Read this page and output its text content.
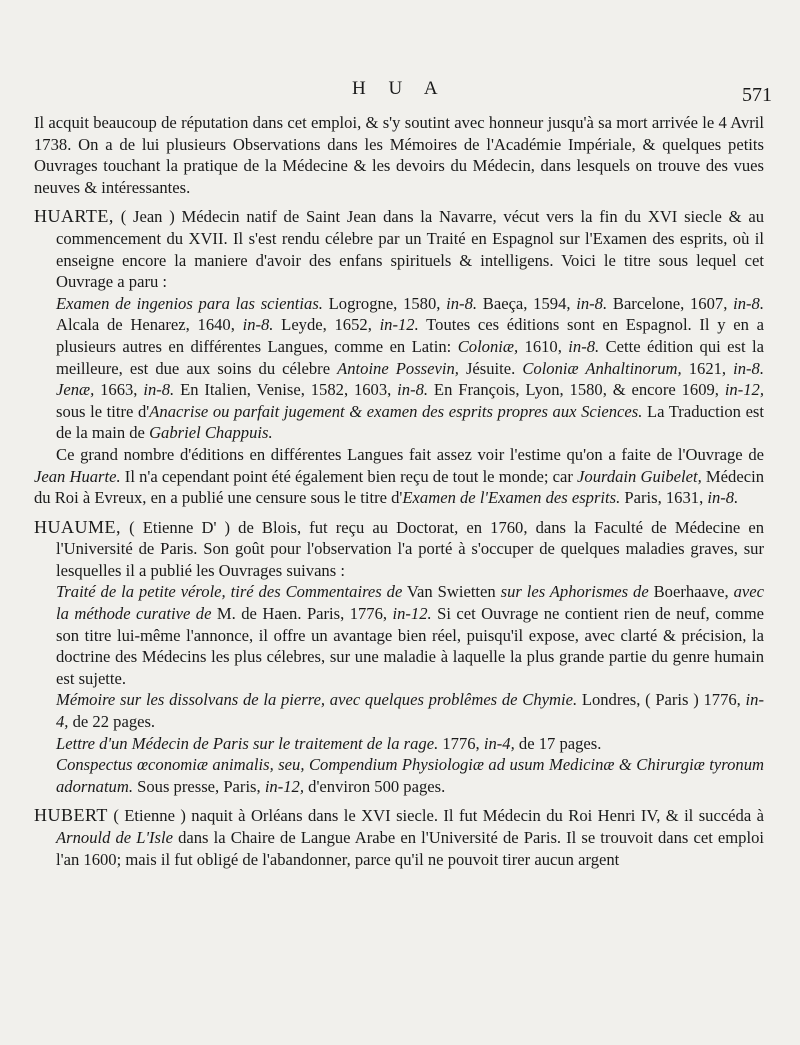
H U A	571

Il acquit beaucoup de réputation dans cet emploi, & s'y soutint avec honneur jusqu'à sa mort arrivée le 4 Avril 1738. On a de lui plusieurs Observations dans les Mémoires de l'Académie Impériale, & quelques petits Ouvrages touchant la pratique de la Médecine & les devoirs du Médecin, dans lesquels on trouve des vues neuves & intéressantes.

HUARTE, ( Jean ) Médecin natif de Saint Jean dans la Navarre, vécut vers la fin du XVI siecle & au commencement du XVII. Il s'est rendu célebre par un Traité en Espagnol sur l'Examen des esprits, où il enseigne encore la maniere d'avoir des enfans spirituels & intelligens. Voici le titre sous lequel cet Ouvrage a paru :

Examen de ingenios para las scientias. Logrogne, 1580, in-8. Baeça, 1594, in-8. Barcelone, 1607, in-8. Alcala de Henarez, 1640, in-8. Leyde, 1652, in-12. Toutes ces éditions sont en Espagnol. Il y en a plusieurs autres en différentes Langues, comme en Latin: Coloniæ, 1610, in-8. Cette édition qui est la meilleure, est due aux soins du célebre Antoine Possevin, Jésuite. Coloniæ Anhaltinorum, 1621, in-8. Jenæ, 1663, in-8. En Italien, Venise, 1582, 1603, in-8. En François, Lyon, 1580, & encore 1609, in-12, sous le titre d'Anacrise ou parfait jugement & examen des esprits propres aux Sciences. La Traduction est de la main de Gabriel Chappuis.

Ce grand nombre d'éditions en différentes Langues fait assez voir l'estime qu'on a faite de l'Ouvrage de Jean Huarte. Il n'a cependant point été également bien reçu de tout le monde; car Jourdain Guibelet, Médecin du Roi à Evreux, en a publié une censure sous le titre d'Examen de l'Examen des esprits. Paris, 1631, in-8.

HUAUME, ( Etienne D' ) de Blois, fut reçu au Doctorat, en 1760, dans la Faculté de Médecine en l'Université de Paris. Son goût pour l'observation l'a porté à s'occuper de quelques maladies graves, sur lesquelles il a publié les Ouvrages suivans :

Traité de la petite vérole, tiré des Commentaires de Van Swietten sur les Aphorismes de Boerhaave, avec la méthode curative de M. de Haen. Paris, 1776, in-12. Si cet Ouvrage ne contient rien de neuf, comme son titre lui-même l'annonce, il offre un avantage bien réel, puisqu'il expose, avec clarté & précision, la doctrine des Médecins les plus célebres, sur une maladie à laquelle la plus grande partie du genre humain est sujette.

Mémoire sur les dissolvans de la pierre, avec quelques problêmes de Chymie. Londres, ( Paris ) 1776, in-4, de 22 pages.

Lettre d'un Médecin de Paris sur le traitement de la rage. 1776, in-4, de 17 pages.

Conspectus œconomiæ animalis, seu, Compendium Physiologiæ ad usum Medicinæ & Chirurgiæ tyronum adornatum. Sous presse, Paris, in-12, d'environ 500 pages.

HUBERT ( Etienne ) naquit à Orléans dans le XVI siecle. Il fut Médecin du Roi Henri IV, & il succéda à Arnould de L'Isle dans la Chaire de Langue Arabe en l'Université de Paris. Il se trouvoit dans cet emploi l'an 1600; mais il fut obligé de l'abandonner, parce qu'il ne pouvoit tirer aucun argent
